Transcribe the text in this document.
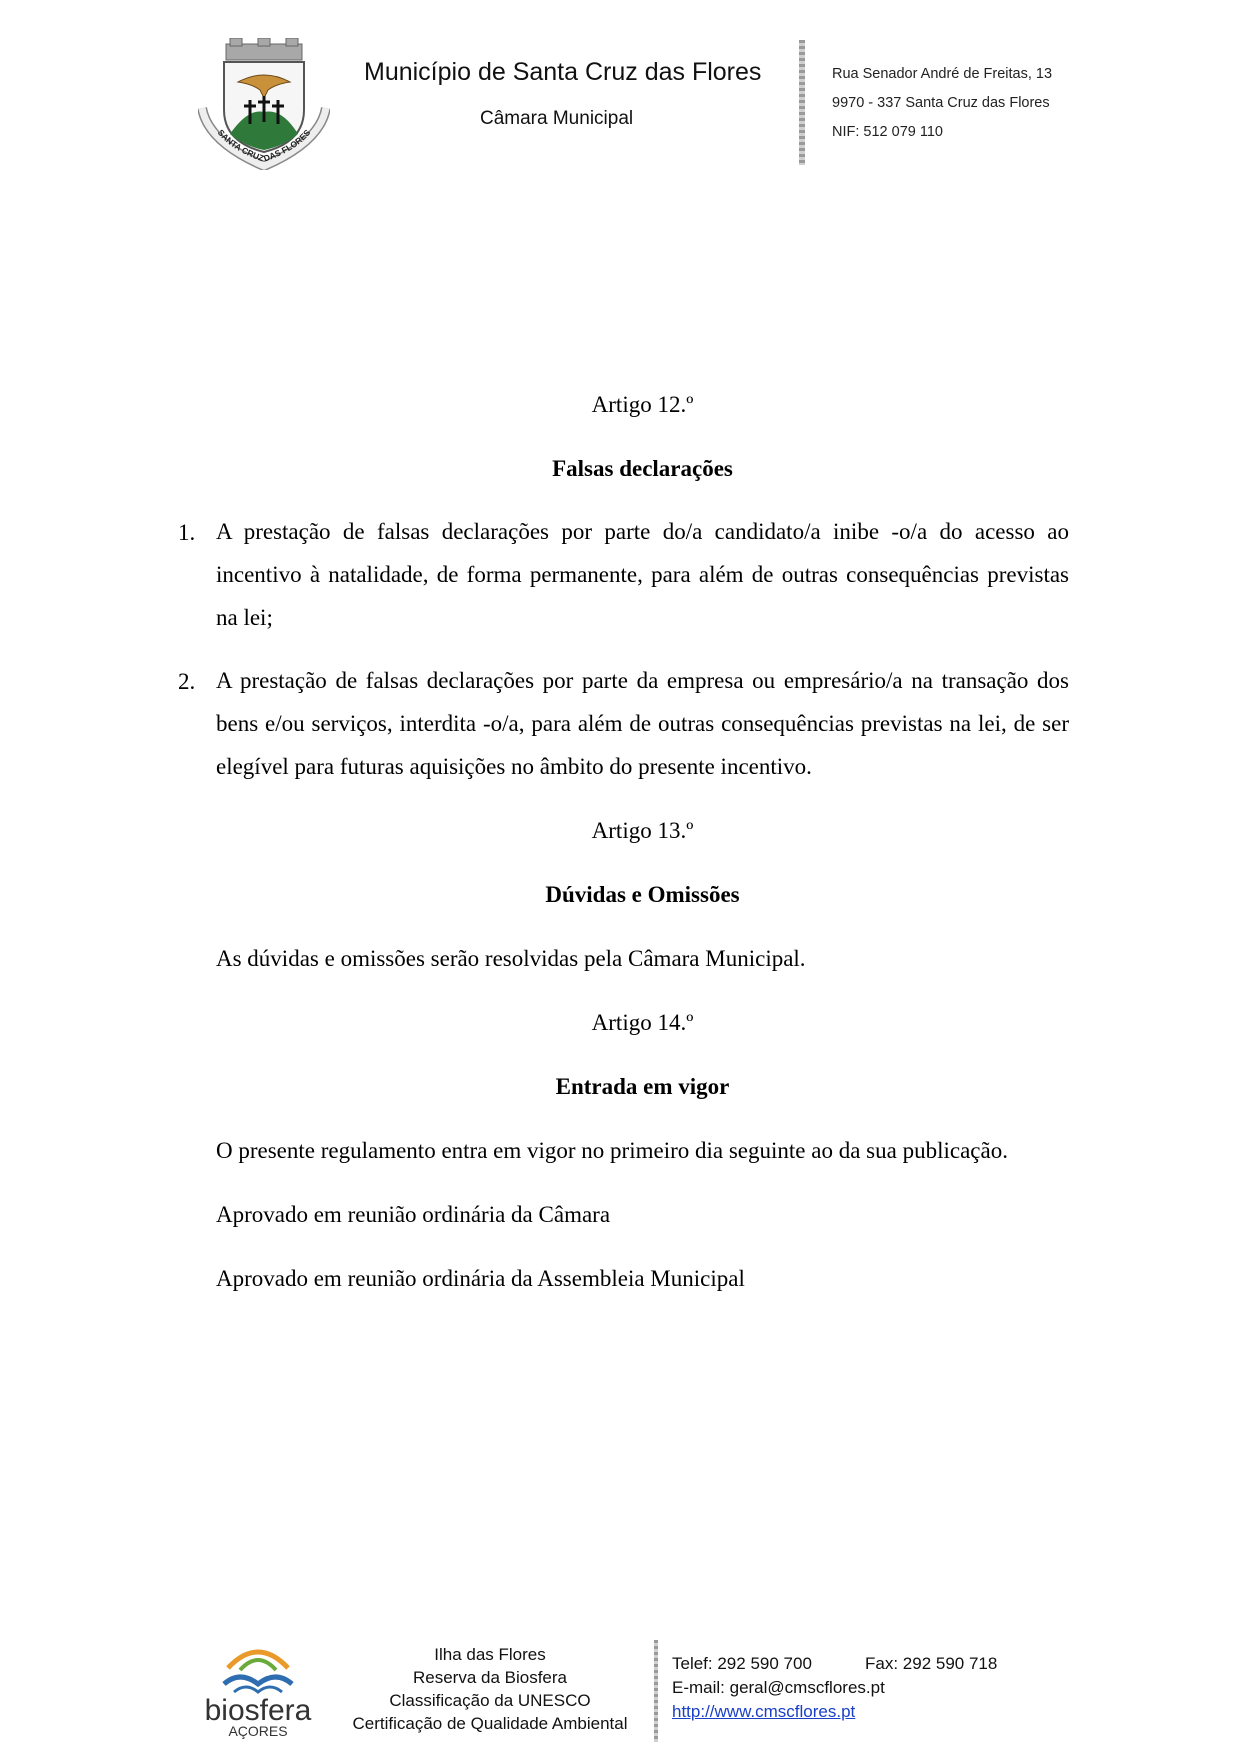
SANTA CRUZ DAS FLORES
Município de Santa Cruz das Flores
Câmara Municipal
Rua Senador André de Freitas, 13
9970 - 337 Santa Cruz das Flores
NIF: 512 079 110
Artigo 12.º
Falsas declarações
1. A prestação de falsas declarações por parte do/a candidato/a inibe -o/a do acesso ao incentivo à natalidade, de forma permanente, para além de outras consequências previstas na lei;
2. A prestação de falsas declarações por parte da empresa ou empresário/a na transação dos bens e/ou serviços, interdita -o/a, para além de outras consequências previstas na lei, de ser elegível para futuras aquisições no âmbito do presente incentivo.
Artigo 13.º
Dúvidas e Omissões
As dúvidas e omissões serão resolvidas pela Câmara Municipal.
Artigo 14.º
Entrada em vigor
O presente regulamento entra em vigor no primeiro dia seguinte ao da sua publicação.
Aprovado em reunião ordinária da Câmara
Aprovado em reunião ordinária da Assembleia Municipal
biosfera
AÇORES
Ilha das Flores
Reserva da Biosfera
Classificação da UNESCO
Certificação de Qualidade Ambiental
Telef: 292 590 700	Fax: 292 590 718
E-mail: geral@cmscflores.pt
http://www.cmscflores.pt
